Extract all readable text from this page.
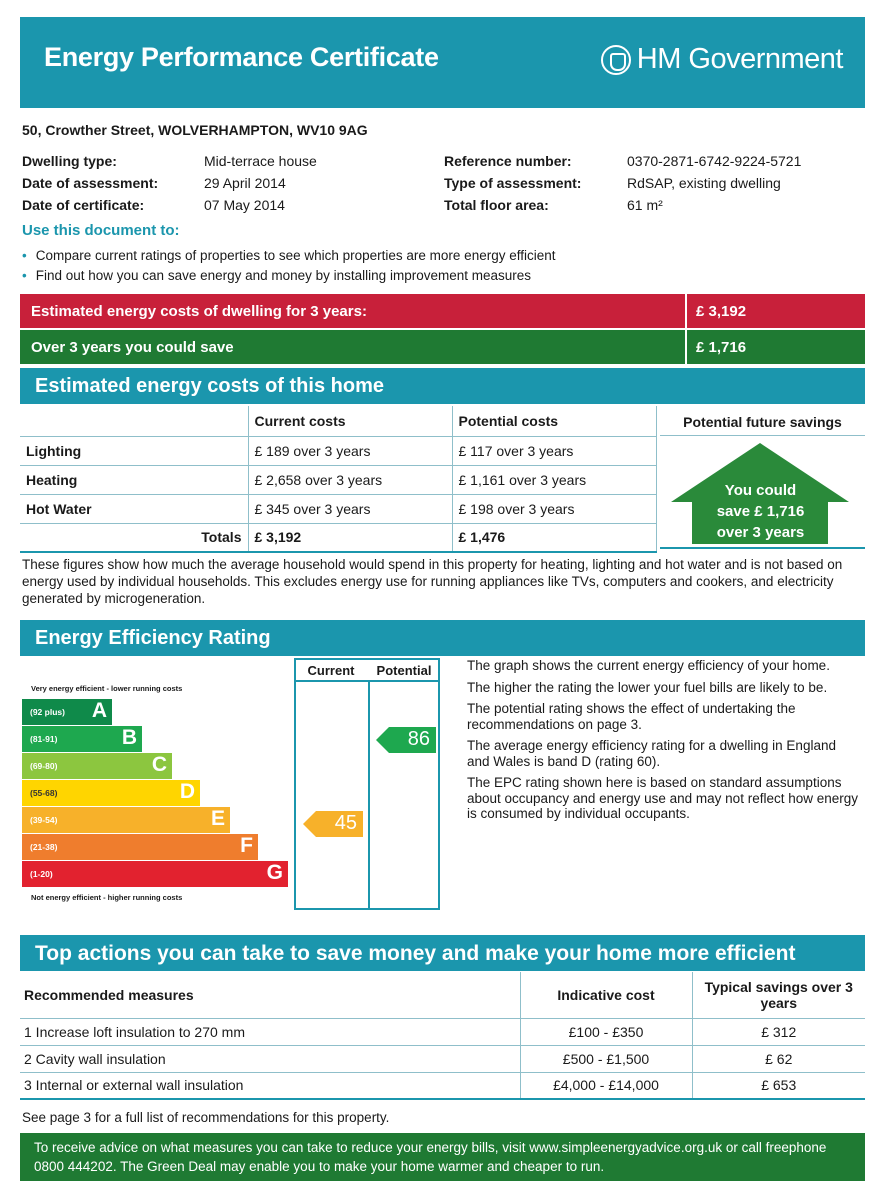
Energy Performance Certificate	HM Government
50, Crowther Street, WOLVERHAMPTON, WV10 9AG
Dwelling type:	Mid-terrace house
Date of assessment:	29 April 2014
Date of certificate:	07 May 2014
Reference number:	0370-2871-6742-9224-5721
Type of assessment:	RdSAP, existing dwelling
Total floor area:	61 m²
Use this document to:
• Compare current ratings of properties to see which properties are more energy efficient
• Find out how you can save energy and money by installing improvement measures
Estimated energy costs of dwelling for 3 years:	£ 3,192
Over 3 years you could save	£ 1,716
Estimated energy costs of this home
	Current costs	Potential costs
Lighting	£ 189 over 3 years	£ 117 over 3 years
Heating	£ 2,658 over 3 years	£ 1,161 over 3 years
Hot Water	£ 345 over 3 years	£ 198 over 3 years
Totals	£ 3,192	£ 1,476
Potential future savings
You could
save £ 1,716
over 3 years
These figures show how much the average household would spend in this property for heating, lighting and hot water and is not based on energy used by individual households. This excludes energy use for running appliances like TVs, computers and cookers, and electricity generated by microgeneration.
Energy Efficiency Rating
Very energy efficient - lower running costs
(92 plus) A
(81-91)	B
(69-80)	C
(55-68)	D
(39-54)	E
(21-38)	F
(1-20)	G
Not energy efficient - higher running costs
Current	Potential
45
86

The graph shows the current energy efficiency of your home.

The higher the rating the lower your fuel bills are likely to be.

The potential rating shows the effect of undertaking the recommendations on page 3.

The average energy efficiency rating for a dwelling in England and Wales is band D (rating 60).

The EPC rating shown here is based on standard assumptions about occupancy and energy use and may not reflect how energy is consumed by individual occupants.

Top actions you can take to save money and make your home more efficient
Recommended measures	Indicative cost	Typical savings over 3 years
1 Increase loft insulation to 270 mm	£100 - £350	£ 312
2 Cavity wall insulation	£500 - £1,500	£ 62
3 Internal or external wall insulation	£4,000 - £14,000	£ 653
See page 3 for a full list of recommendations for this property.
To receive advice on what measures you can take to reduce your energy bills, visit www.simpleenergyadvice.org.uk or call freephone 0800 444202. The Green Deal may enable you to make your home warmer and cheaper to run.
